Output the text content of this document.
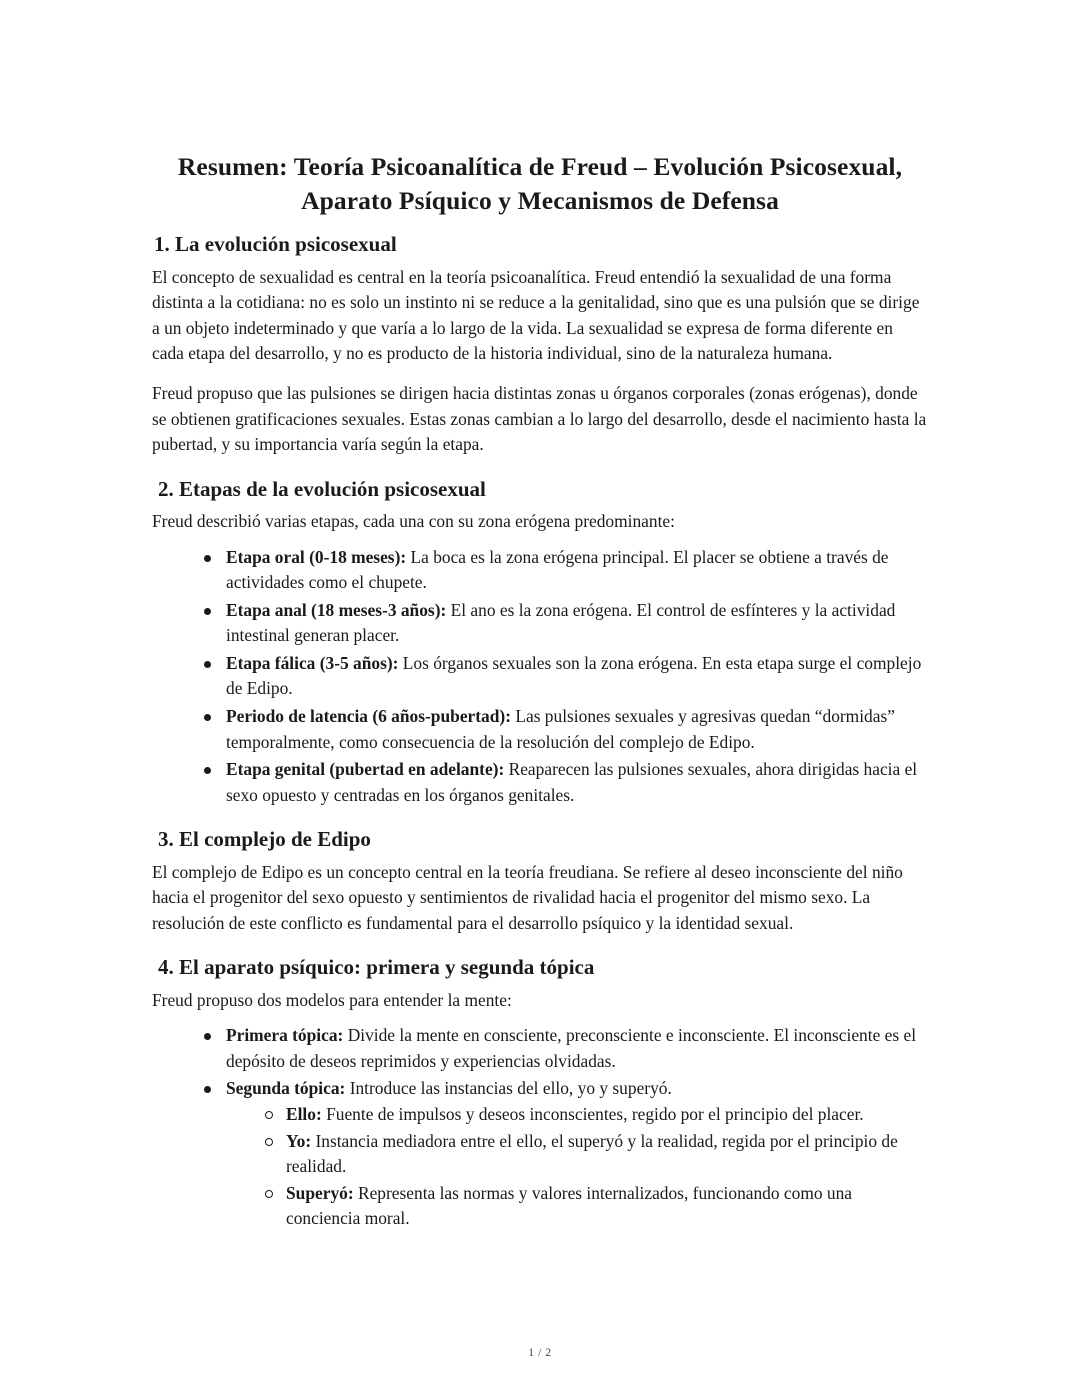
Resumen: Teoría Psicoanalítica de Freud – Evolución Psicosexual, Aparato Psíquico y Mecanismos de Defensa
1. La evolución psicosexual

El concepto de sexualidad es central en la teoría psicoanalítica. Freud entendió la sexualidad de una forma distinta a la cotidiana: no es solo un instinto ni se reduce a la genitalidad, sino que es una pulsión que se dirige a un objeto indeterminado y que varía a lo largo de la vida. La sexualidad se expresa de forma diferente en cada etapa del desarrollo, y no es producto de la historia individual, sino de la naturaleza humana.

Freud propuso que las pulsiones se dirigen hacia distintas zonas u órganos corporales (zonas erógenas), donde se obtienen gratificaciones sexuales. Estas zonas cambian a lo largo del desarrollo, desde el nacimiento hasta la pubertad, y su importancia varía según la etapa.

2. Etapas de la evolución psicosexual

Freud describió varias etapas, cada una con su zona erógena predominante:

Etapa oral (0-18 meses): La boca es la zona erógena principal. El placer se obtiene a través de actividades como el chupete.
Etapa anal (18 meses-3 años): El ano es la zona erógena. El control de esfínteres y la actividad intestinal generan placer.
Etapa fálica (3-5 años): Los órganos sexuales son la zona erógena. En esta etapa surge el complejo de Edipo.
Periodo de latencia (6 años-pubertad): Las pulsiones sexuales y agresivas quedan “dormidas” temporalmente, como consecuencia de la resolución del complejo de Edipo.
Etapa genital (pubertad en adelante): Reaparecen las pulsiones sexuales, ahora dirigidas hacia el sexo opuesto y centradas en los órganos genitales.
3. El complejo de Edipo

El complejo de Edipo es un concepto central en la teoría freudiana. Se refiere al deseo inconsciente del niño hacia el progenitor del sexo opuesto y sentimientos de rivalidad hacia el progenitor del mismo sexo. La resolución de este conflicto es fundamental para el desarrollo psíquico y la identidad sexual.

4. El aparato psíquico: primera y segunda tópica

Freud propuso dos modelos para entender la mente:

Primera tópica: Divide la mente en consciente, preconsciente e inconsciente. El inconsciente es el depósito de deseos reprimidos y experiencias olvidadas.
Segunda tópica: Introduce las instancias del ello, yo y superyó.
Ello: Fuente de impulsos y deseos inconscientes, regido por el principio del placer.
Yo: Instancia mediadora entre el ello, el superyó y la realidad, regida por el principio de realidad.
Superyó: Representa las normas y valores internalizados, funcionando como una conciencia moral.
1 / 2
